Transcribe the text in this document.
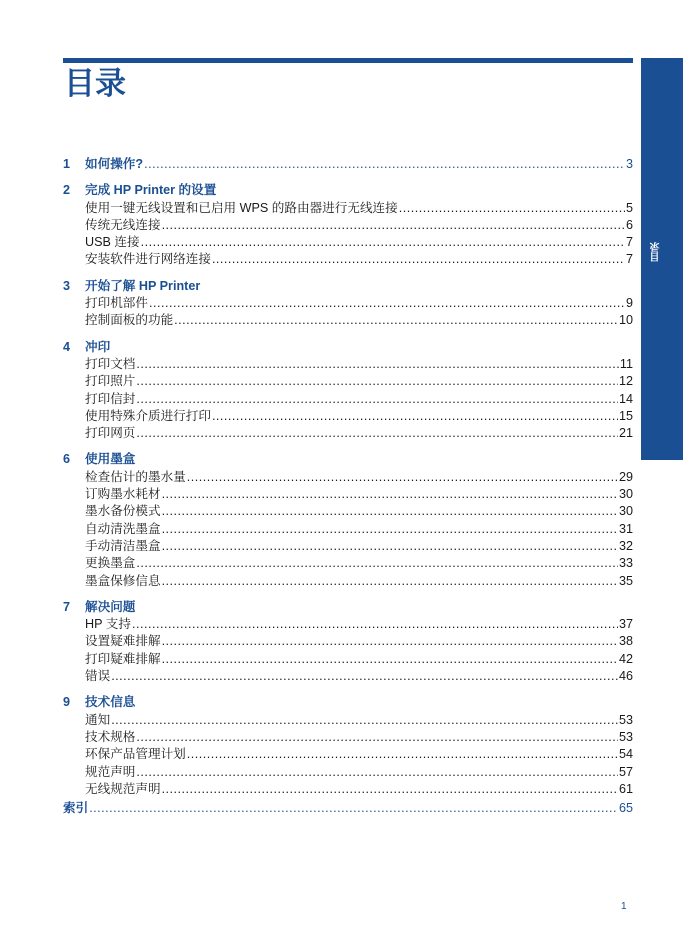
目录
目录
1	如何操作? .....	3
2	完成 HP Printer 的设置
使用一键无线设置和已启用 WPS 的路由器进行无线连接 .....	5
传统无线连接 .....	6
USB 连接 .....	7
安装软件进行网络连接 .....	7
3	开始了解 HP Printer
打印机部件 .....	9
控制面板的功能 .....	10
4	冲印
打印文档 .....	11
打印照片 .....	12
打印信封 .....	14
使用特殊介质进行打印 .....	15
打印网页 .....	21
6	使用墨盒
检查估计的墨水量 .....	29
订购墨水耗材 .....	30
墨水备份模式 .....	30
自动清洗墨盒 .....	31
手动清洁墨盒 .....	32
更换墨盒 .....	33
墨盒保修信息 .....	35
7	解决问题
HP 支持 .....	37
设置疑难排解 .....	38
打印疑难排解 .....	42
错误 .....	46
9	技术信息
通知 .....	53
技术规格 .....	53
环保产品管理计划 .....	54
规范声明 .....	57
无线规范声明 .....	61
索引 .....	65
1
